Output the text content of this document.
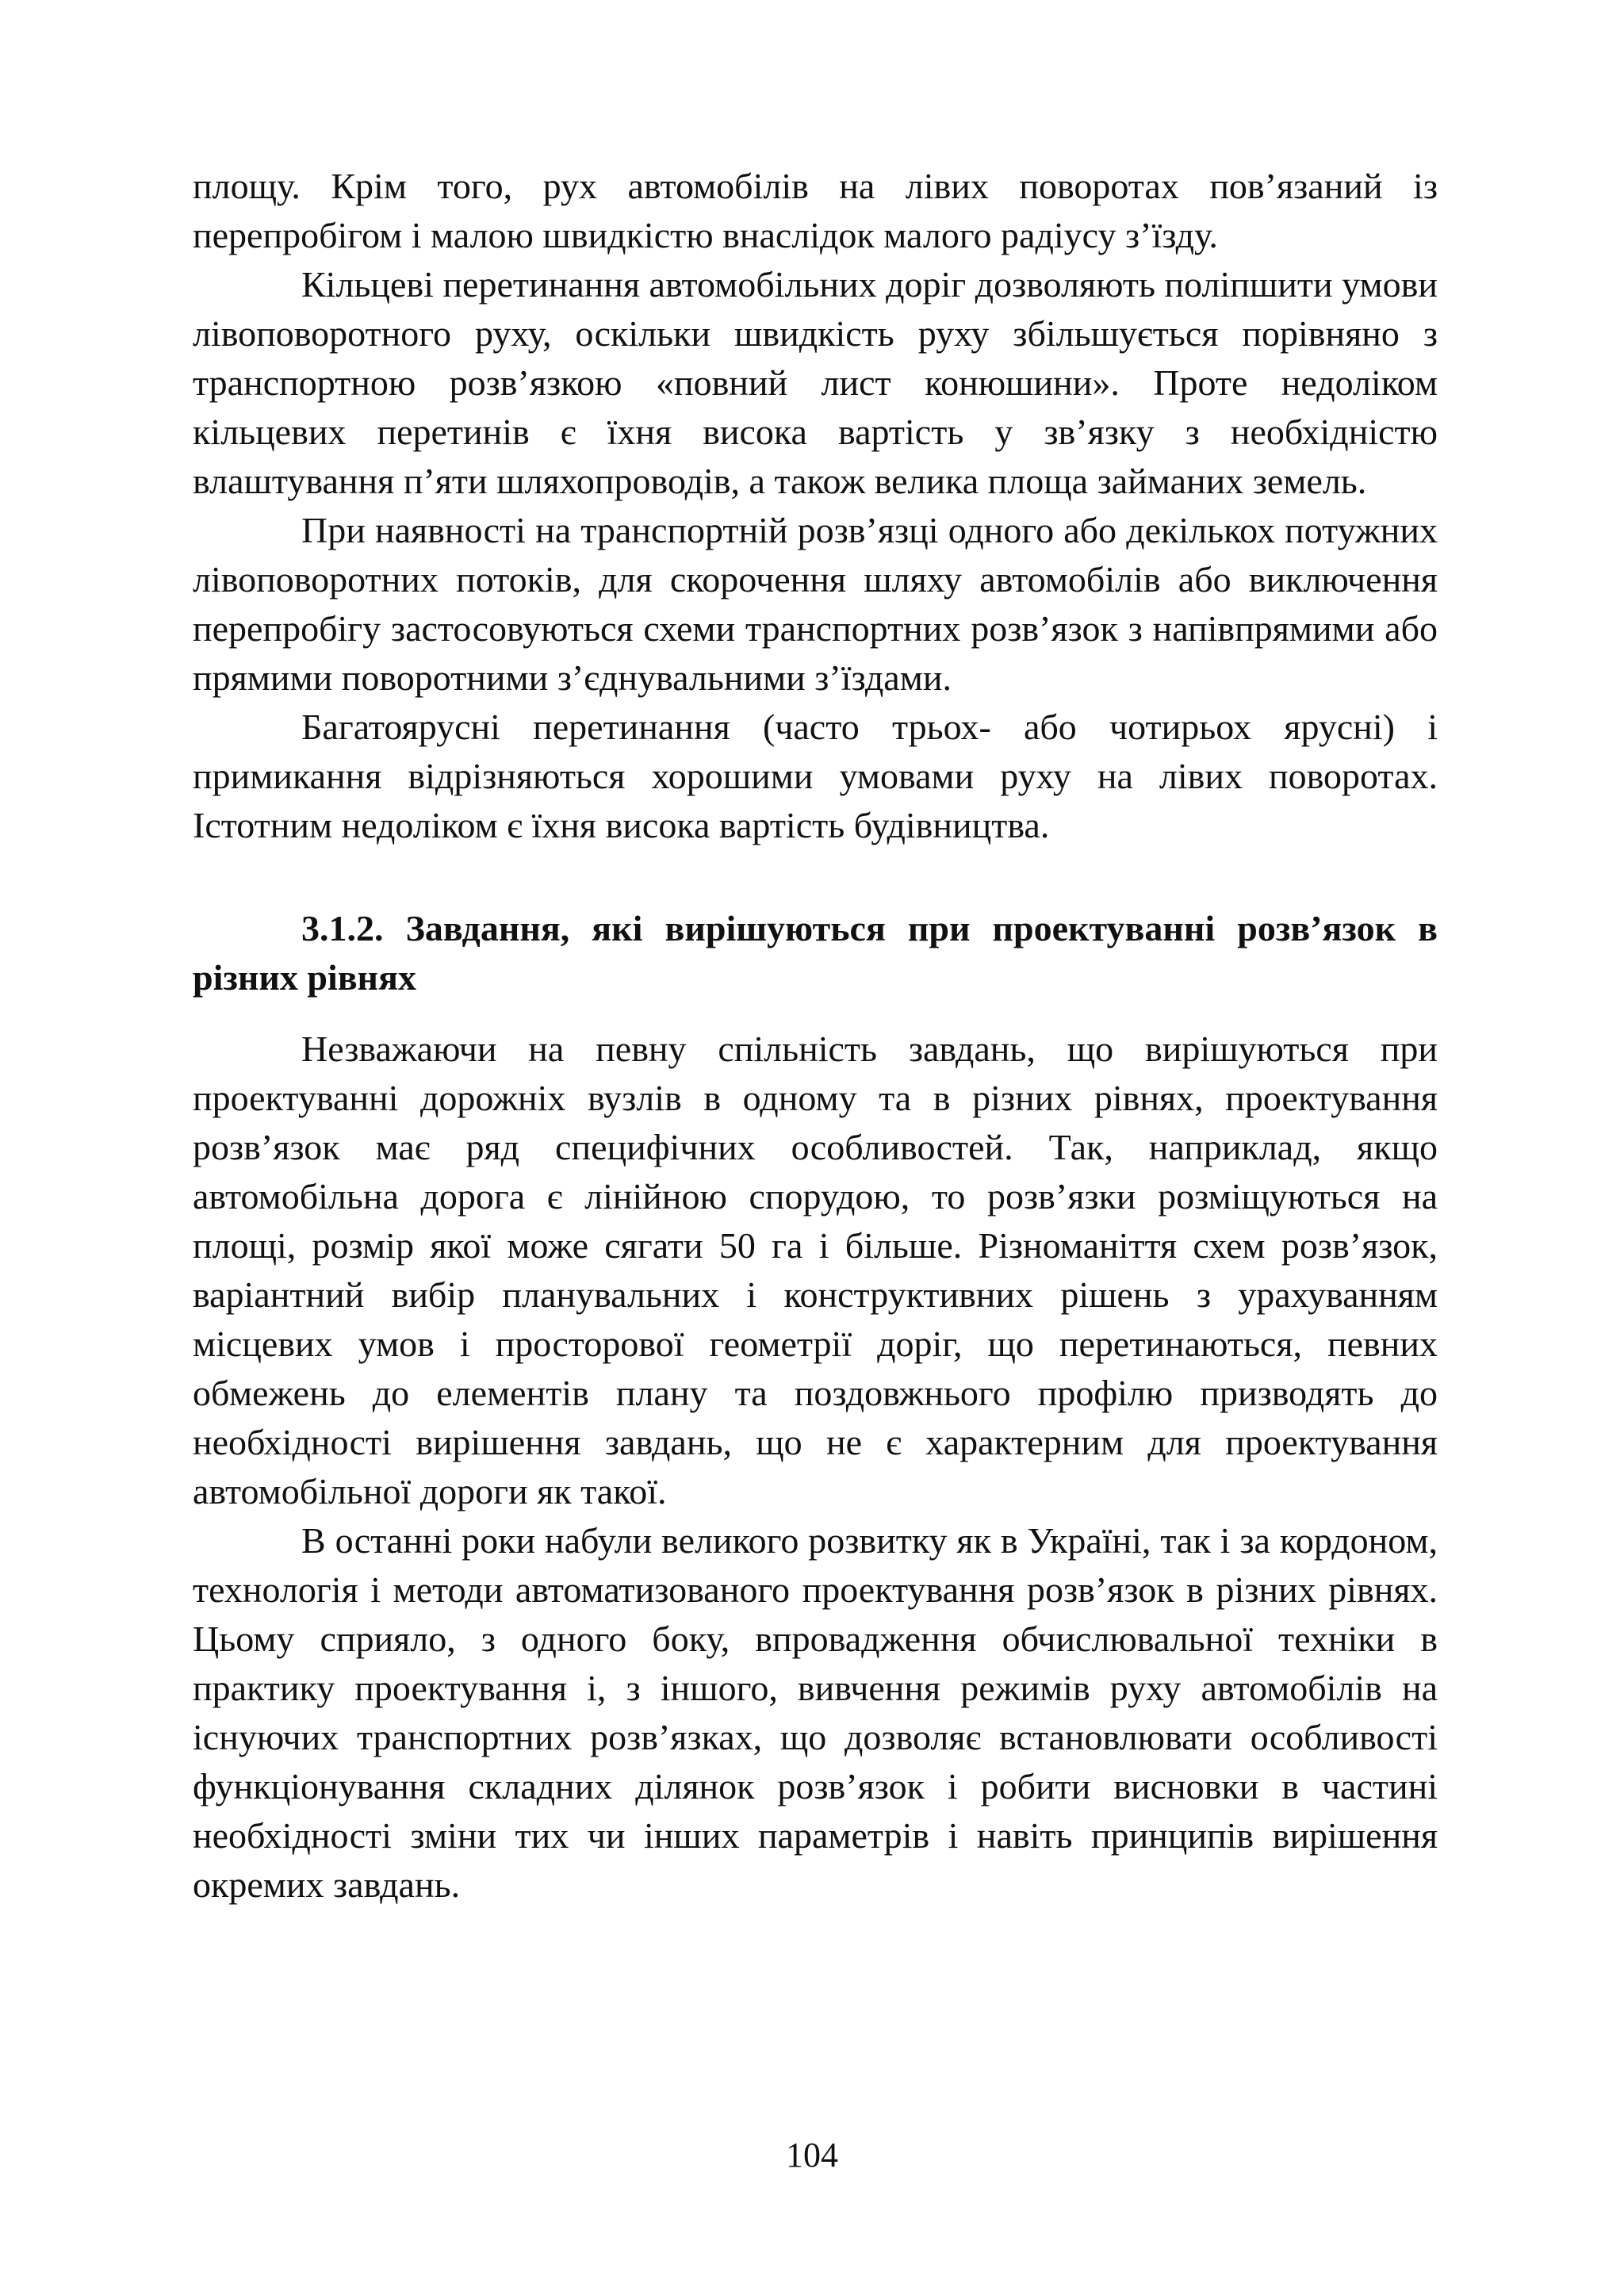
площу. Крім того, рух автомобілів на лівих поворотах пов’язаний із перепробігом і малою швидкістю внаслідок малого радіусу з’їзду.

Кільцеві перетинання автомобільних доріг дозволяють поліпшити умови лівоповоротного руху, оскільки швидкість руху збільшується порівняно з транспортною розв’язкою «повний лист конюшини». Проте недоліком кільцевих перетинів є їхня висока вартість у зв’язку з необхідністю влаштування п’яти шляхопроводів, а також велика площа займаних земель.

При наявності на транспортній розв’язці одного або декількох потужних лівоповоротних потоків, для скорочення шляху автомобілів або виключення перепробігу застосовуються схеми транспортних розв’язок з напівпрямими або прямими поворотними з’єднувальними з’їздами.

Багатоярусні перетинання (часто трьох- або чотирьох ярусні) і примикання відрізняються хорошими умовами руху на лівих поворотах. Істотним недоліком є їхня висока вартість будівництва.

3.1.2. Завдання, які вирішуються при проектуванні розв’язок в різних рівнях

Незважаючи на певну спільність завдань, що вирішуються при проектуванні дорожніх вузлів в одному та в різних рівнях, проектування розв’язок має ряд специфічних особливостей. Так, наприклад, якщо автомобільна дорога є лінійною спорудою, то розв’язки розміщуються на площі, розмір якої може сягати 50 га і більше. Різноманіття схем розв’язок, варіантний вибір планувальних і конструктивних рішень з урахуванням місцевих умов і просторової геометрії доріг, що перетинаються, певних обмежень до елементів плану та поздовжнього профілю призводять до необхідності вирішення завдань, що не є характерним для проектування автомобільної дороги як такої.

В останні роки набули великого розвитку як в Україні, так і за кордоном, технологія і методи автоматизованого проектування розв’язок в різних рівнях. Цьому сприяло, з одного боку, впровадження обчислювальної техніки в практику проектування і, з іншого, вивчення режимів руху автомобілів на існуючих транспортних розв’язках, що дозволяє встановлювати особливості функціонування складних ділянок розв’язок і робити висновки в частині необхідності зміни тих чи інших параметрів і навіть принципів вирішення окремих завдань.

104
